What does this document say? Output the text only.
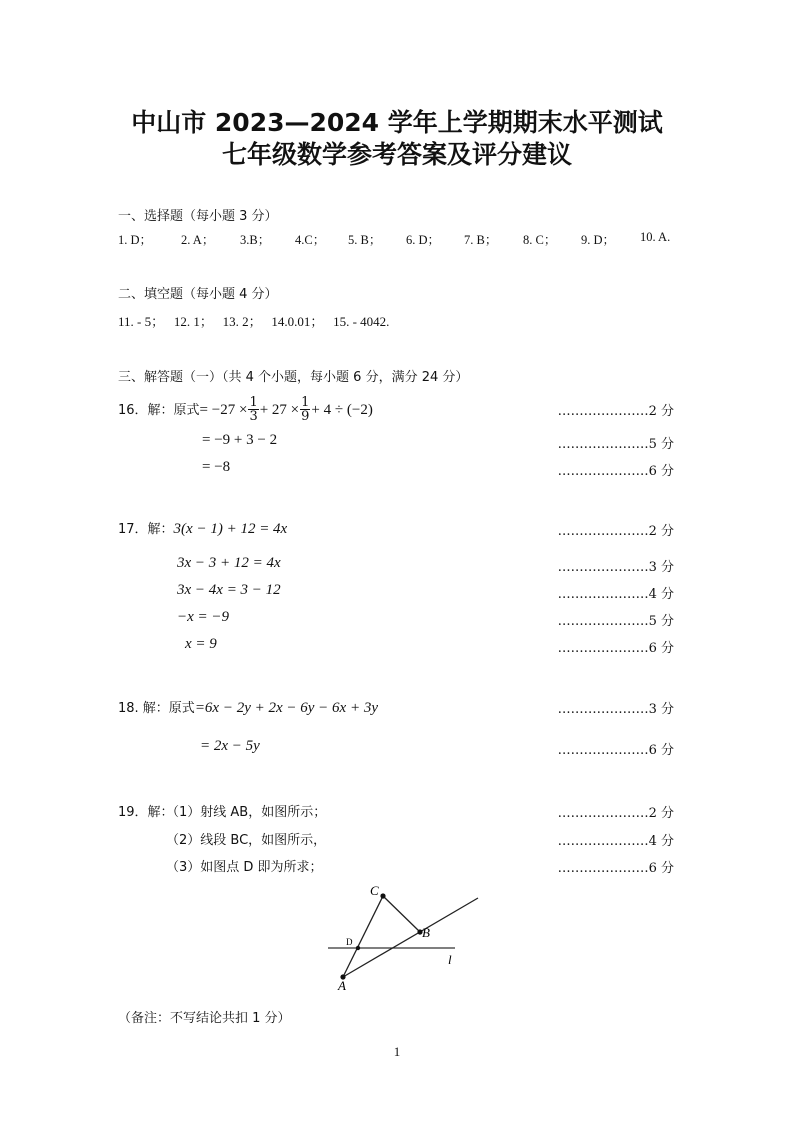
中山市 2023—2024 学年上学期期末水平测试
七年级数学参考答案及评分建议
一、选择题（每小题 3 分）
1. D； 2. A； 3.B； 4.C； 5. B； 6. D； 7. B； 8. C； 9. D； 10. A.
二、填空题（每小题 4 分）
11. - 5；   12. 1；   13. 2；   14.0.01；   15. - 4042.
三、解答题（一）（共 4 个小题，每小题 6 分，满分 24 分）
16．解：原式= $-27 \times \frac{1}{3} + 27 \times \frac{1}{9} + 4 \div (-2)$	…………………2 分
= −9 + 3 − 2	…………………5 分
= −8	…………………6 分
17．解：3(x − 1) + 12 = 4x	…………………2 分
3x − 3 + 12 = 4x	…………………3 分
3x − 4x = 3 − 12	…………………4 分
−x = −9	…………………5 分
x = 9	…………………6 分
18. 解：原式=6x − 2y + 2x − 6y − 6x + 3y	…………………3 分
= 2x − 5y	…………………6 分
19．解：
（1）射线 AB，如图所示；	…………………2 分
（2）线段 BC，如图所示，	…………………4 分
（3）如图点 D 即为所求；	…………………6 分
C
B
D
A
l
（备注：不写结论共扣 1 分）
1
